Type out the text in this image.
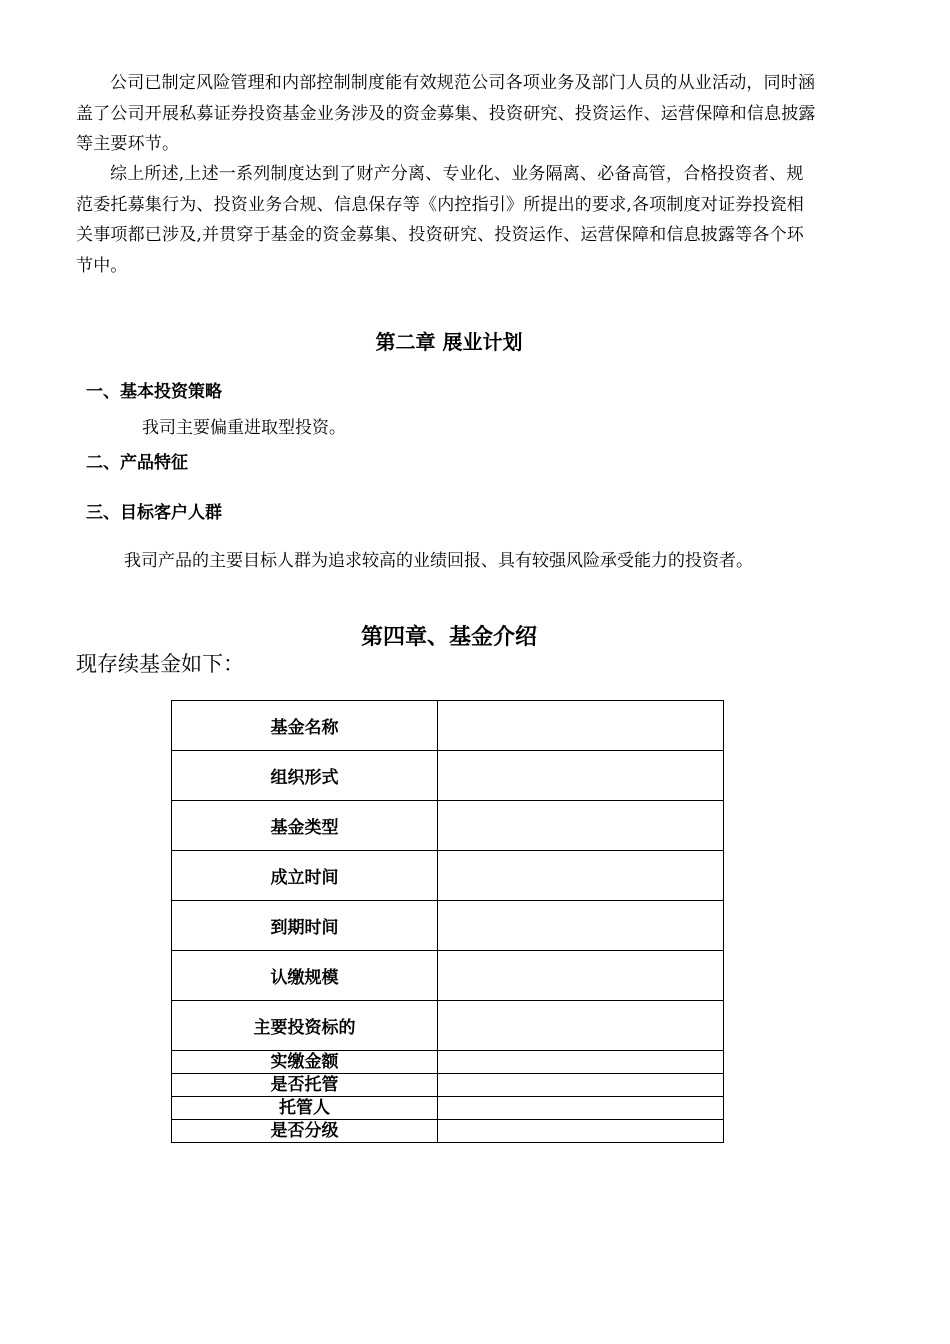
公司已制定风险管理和内部控制制度能有效规范公司各项业务及部门人员的从业活动，同时涵盖了公司开展私募证券投资基金业务涉及的资金募集、投资研究、投资运作、运营保障和信息披露等主要环节。

综上所述,上述一系列制度达到了财产分离、专业化、业务隔离、必备高管，合格投资者、规范委托募集行为、投资业务合规、信息保存等《内控指引》所提出的要求,各项制度对证券投瓷相关事项都已涉及,并贯穿于基金的资金募集、投资研究、投资运作、运营保障和信息披露等各个环节中。

第二章 展业计划
一、基本投资策略

我司主要偏重进取型投资。

二、产品特征
三、目标客户人群

我司产品的主要目标人群为追求较高的业绩回报、具有较强风险承受能力的投资者。

第四章、基金介绍

现存续基金如下：

基金名称	
组织形式	
基金类型	
成立时间	
到期时间	
认缴规模	
主要投资标的	
实缴金额	
是否托管	
托管人	
是否分级	
